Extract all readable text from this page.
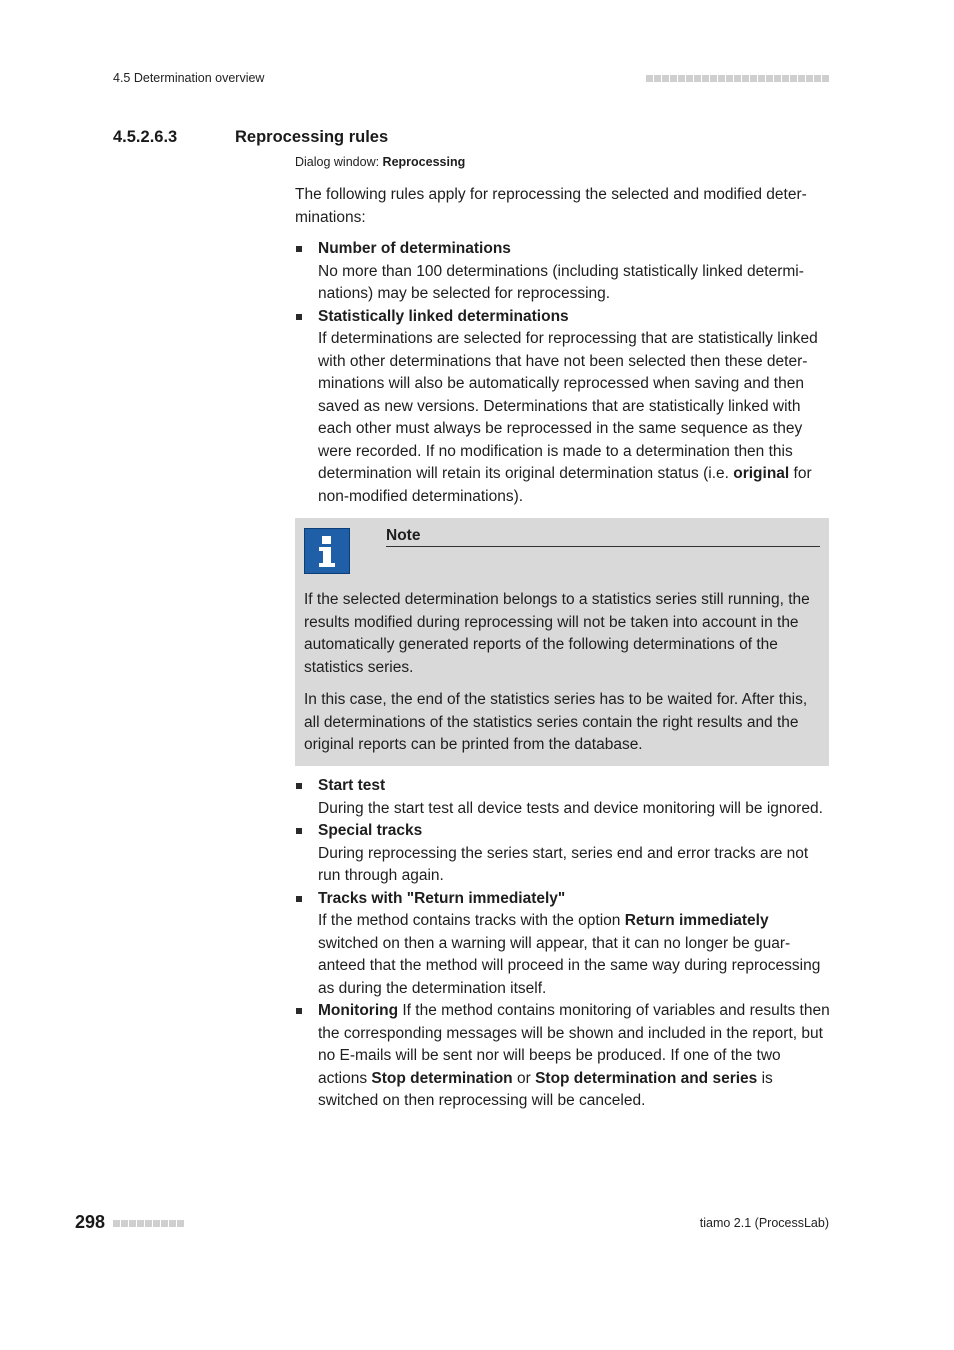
4.5 Determination overview
4.5.2.6.3	Reprocessing rules
Dialog window: Reprocessing
The following rules apply for reprocessing the selected and modified deter-minations:
Number of determinations
No more than 100 determinations (including statistically linked determi-nations) may be selected for reprocessing.
Statistically linked determinations
If determinations are selected for reprocessing that are statistically linked with other determinations that have not been selected then these deter-minations will also be automatically reprocessed when saving and then saved as new versions. Determinations that are statistically linked with each other must always be reprocessed in the same sequence as they were recorded. If no modification is made to a determination then this determination will retain its original determination status (i.e. original for non-modified determinations).
Note

If the selected determination belongs to a statistics series still running, the results modified during reprocessing will not be taken into account in the automatically generated reports of the following determinations of the statistics series.

In this case, the end of the statistics series has to be waited for. After this, all determinations of the statistics series contain the right results and the original reports can be printed from the database.

Start test
During the start test all device tests and device monitoring will be ignored.
Special tracks
During reprocessing the series start, series end and error tracks are not run through again.
Tracks with "Return immediately"
If the method contains tracks with the option Return immediately switched on then a warning will appear, that it can no longer be guar-anteed that the method will proceed in the same way during reprocessing as during the determination itself.
Monitoring If the method contains monitoring of variables and results then the corresponding messages will be shown and included in the report, but no E-mails will be sent nor will beeps be produced. If one of the two actions Stop determination or Stop determination and series is switched on then reprocessing will be canceled.
298	tiamo 2.1 (ProcessLab)
